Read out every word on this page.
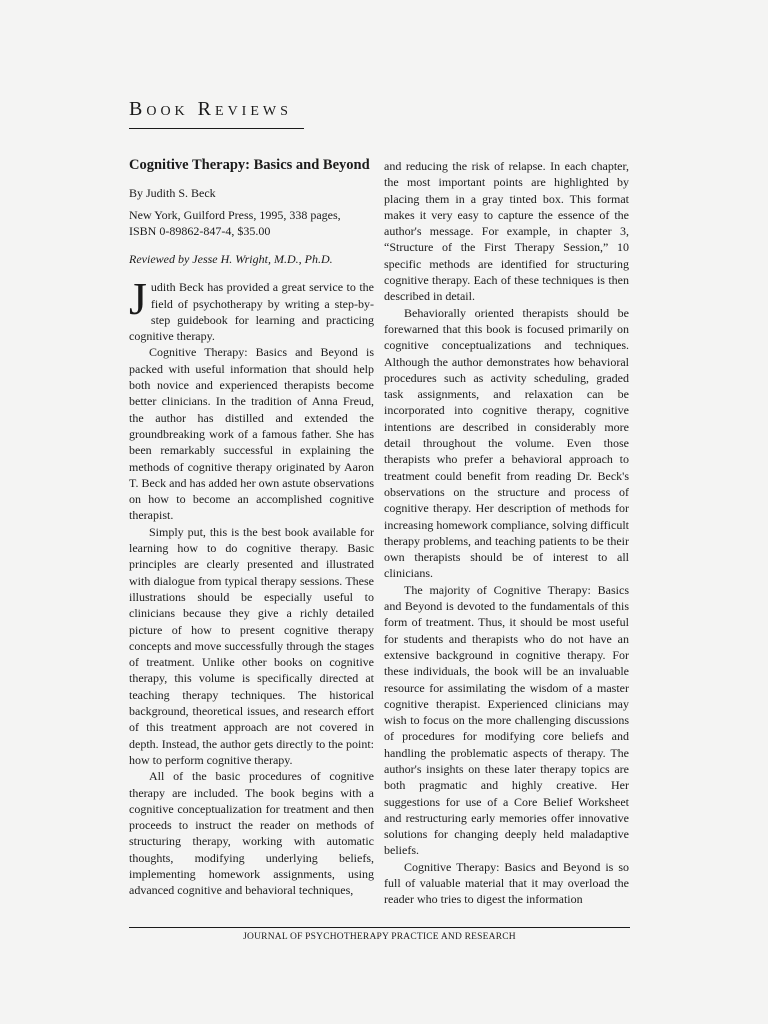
Book Reviews
Cognitive Therapy: Basics and Beyond
By Judith S. Beck
New York, Guilford Press, 1995, 338 pages,
ISBN 0-89862-847-4, $35.00
Reviewed by Jesse H. Wright, M.D., Ph.D.

Judith Beck has provided a great service to the field of psychotherapy by writing a step-by-step guidebook for learning and practicing cognitive therapy.

Cognitive Therapy: Basics and Beyond is packed with useful information that should help both novice and experienced therapists become better clinicians. In the tradition of Anna Freud, the author has distilled and extended the groundbreaking work of a famous father. She has been remarkably successful in explaining the methods of cognitive therapy originated by Aaron T. Beck and has added her own astute observations on how to become an accomplished cognitive therapist.

Simply put, this is the best book available for learning how to do cognitive therapy. Basic principles are clearly presented and illustrated with dialogue from typical therapy sessions. These illustrations should be especially useful to clinicians because they give a richly detailed picture of how to present cognitive therapy concepts and move successfully through the stages of treatment. Unlike other books on cognitive therapy, this volume is specifically directed at teaching therapy techniques. The historical background, theoretical issues, and research effort of this treatment approach are not covered in depth. Instead, the author gets directly to the point: how to perform cognitive therapy.

All of the basic procedures of cognitive therapy are included. The book begins with a cognitive conceptualization for treatment and then proceeds to instruct the reader on methods of structuring therapy, working with automatic thoughts, modifying underlying beliefs, implementing homework assignments, using advanced cognitive and behavioral techniques,

and reducing the risk of relapse. In each chapter, the most important points are highlighted by placing them in a gray tinted box. This format makes it very easy to capture the essence of the author's message. For example, in chapter 3, “Structure of the First Therapy Session,” 10 specific methods are identified for structuring cognitive therapy. Each of these techniques is then described in detail.

Behaviorally oriented therapists should be forewarned that this book is focused primarily on cognitive conceptualizations and techniques. Although the author demonstrates how behavioral procedures such as activity scheduling, graded task assignments, and relaxation can be incorporated into cognitive therapy, cognitive intentions are described in considerably more detail throughout the volume. Even those therapists who prefer a behavioral approach to treatment could benefit from reading Dr. Beck's observations on the structure and process of cognitive therapy. Her description of methods for increasing homework compliance, solving difficult therapy problems, and teaching patients to be their own therapists should be of interest to all clinicians.

The majority of Cognitive Therapy: Basics and Beyond is devoted to the fundamentals of this form of treatment. Thus, it should be most useful for students and therapists who do not have an extensive background in cognitive therapy. For these individuals, the book will be an invaluable resource for assimilating the wisdom of a master cognitive therapist. Experienced clinicians may wish to focus on the more challenging discussions of procedures for modifying core beliefs and handling the problematic aspects of therapy. The author's insights on these later therapy topics are both pragmatic and highly creative. Her suggestions for use of a Core Belief Worksheet and restructuring early memories offer innovative solutions for changing deeply held maladaptive beliefs.

Cognitive Therapy: Basics and Beyond is so full of valuable material that it may overload the reader who tries to digest the information

JOURNAL OF PSYCHOTHERAPY PRACTICE AND RESEARCH
